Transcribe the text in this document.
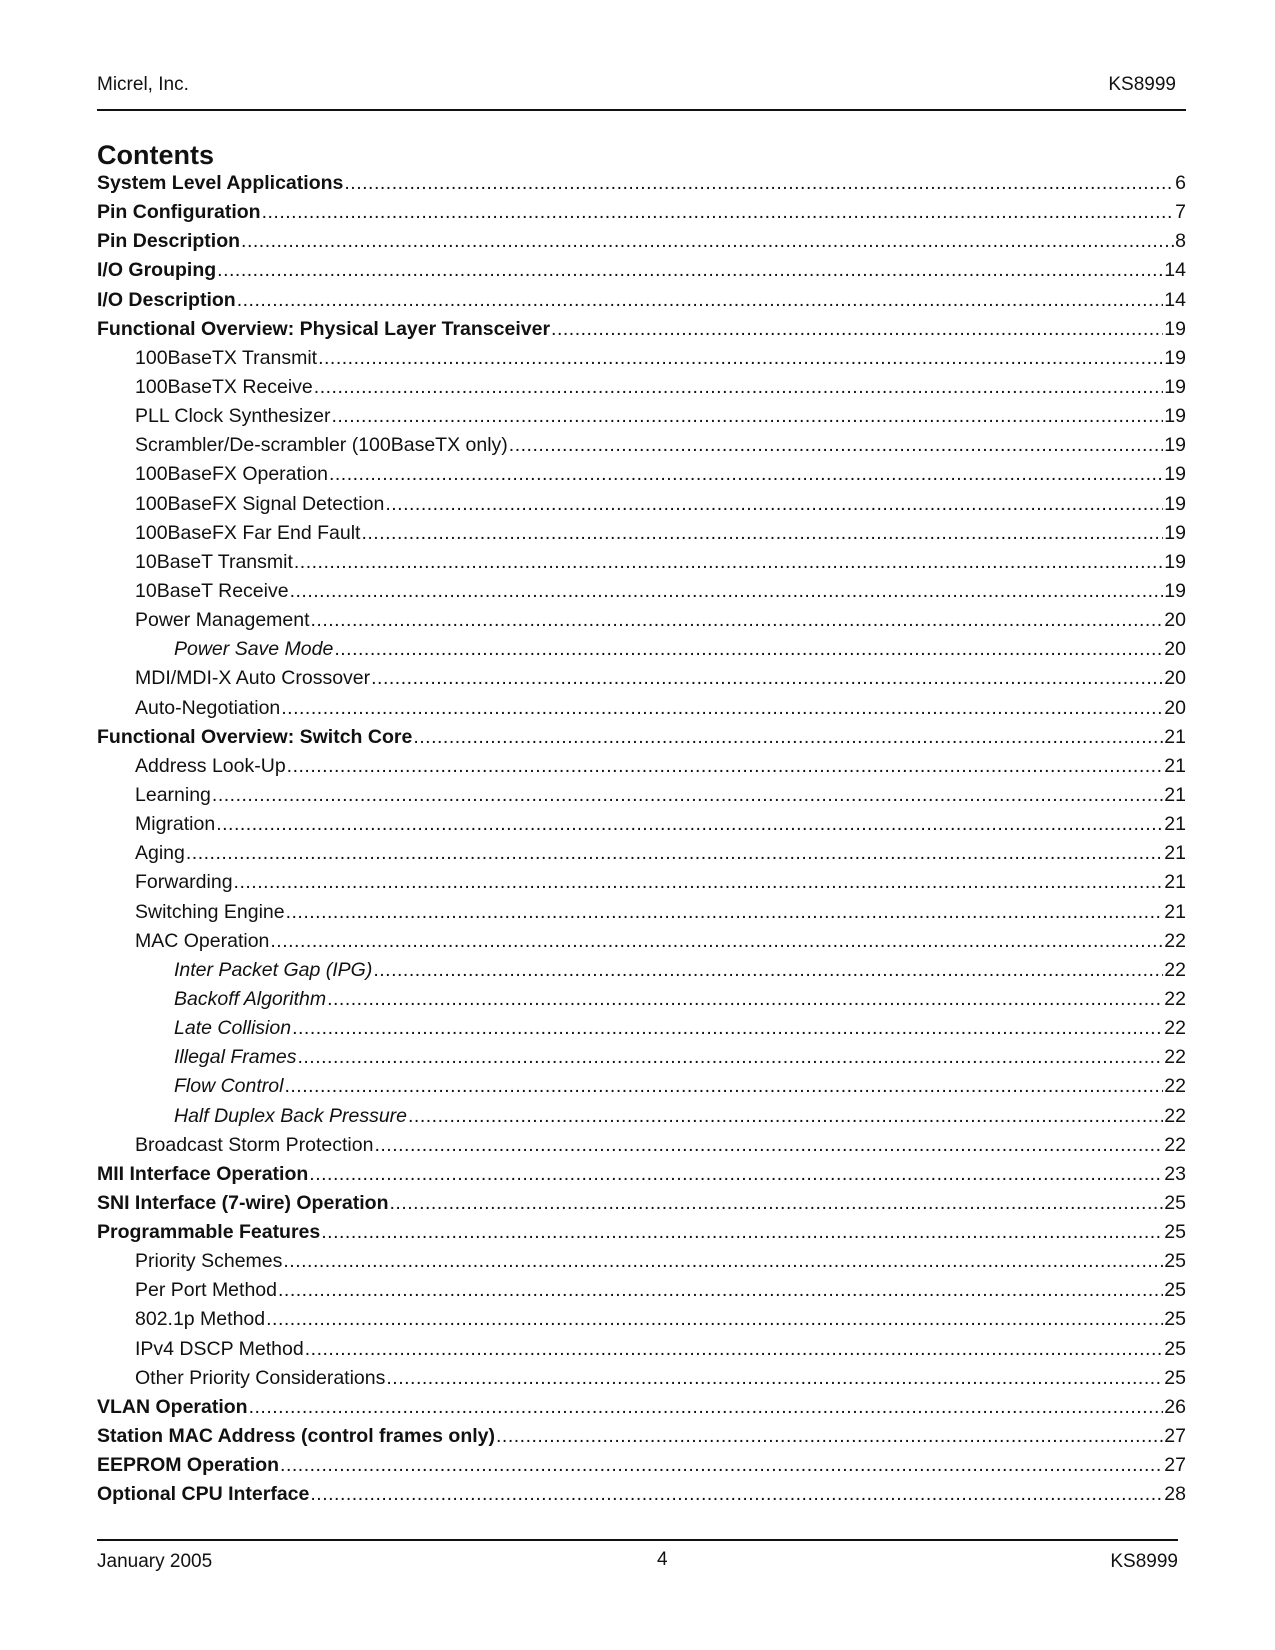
Micrel, Inc.	KS8999
Contents
System Level Applications .....	6
Pin Configuration .....	7
Pin Description .....	8
I/O Grouping .....	14
I/O Description .....	14
Functional Overview: Physical Layer Transceiver .....	19
100BaseTX Transmit .....	19
100BaseTX Receive .....	19
PLL Clock Synthesizer .....	19
Scrambler/De-scrambler (100BaseTX only) .....	19
100BaseFX Operation .....	19
100BaseFX Signal Detection .....	19
100BaseFX Far End Fault .....	19
10BaseT Transmit .....	19
10BaseT Receive .....	19
Power Management .....	20
Power Save Mode .....	20
MDI/MDI-X Auto Crossover .....	20
Auto-Negotiation .....	20
Functional Overview: Switch Core .....	21
Address Look-Up .....	21
Learning .....	21
Migration .....	21
Aging .....	21
Forwarding .....	21
Switching Engine .....	21
MAC Operation .....	22
Inter Packet Gap (IPG) .....	22
Backoff Algorithm .....	22
Late Collision .....	22
Illegal Frames .....	22
Flow Control .....	22
Half Duplex Back Pressure .....	22
Broadcast Storm Protection .....	22
MII Interface Operation .....	23
SNI Interface (7-wire) Operation .....	25
Programmable Features .....	25
Priority Schemes .....	25
Per Port Method .....	25
802.1p Method .....	25
IPv4 DSCP Method .....	25
Other Priority Considerations .....	25
VLAN Operation .....	26
Station MAC Address (control frames only) .....	27
EEPROM Operation .....	27
Optional CPU Interface .....	28
January 2005	4	KS8999
